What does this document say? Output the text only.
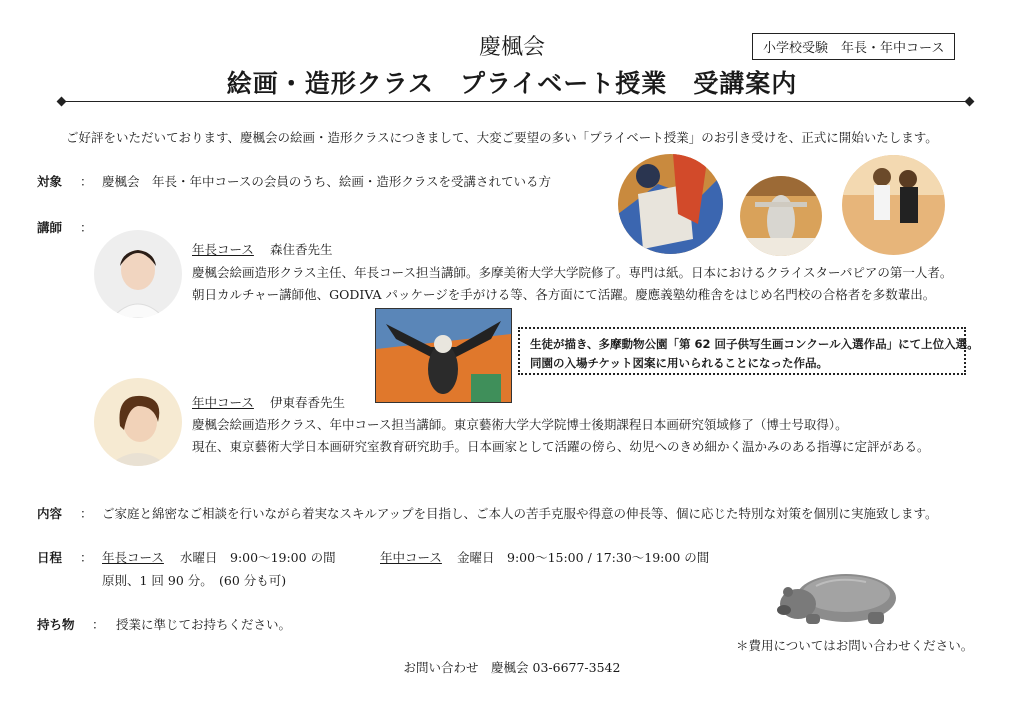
慶楓会
絵画・造形クラス　プライベート授業　受講案内
小学校受験　年長・年中コース
ご好評をいただいております、慶楓会の絵画・造形クラスにつきまして、大変ご要望の多い「プライベート授業」のお引き受けを、正式に開始いたします。
対象 ： 慶楓会　年長・年中コースの会員のうち、絵画・造形クラスを受講されている方
講師 ：
年長コース 森住香先生
慶楓会絵画造形クラス主任、年長コース担当講師。多摩美術大学大学院修了。専門は紙。日本におけるクライスターパピアの第一人者。
朝日カルチャー講師他、GODIVA パッケージを手がける等、各方面にて活躍。慶應義塾幼稚舎をはじめ名門校の合格者を多数輩出。
生徒が描き、多摩動物公園「第 62 回子供写生画コンクール入選作品」にて上位入選。
同園の入場チケット図案に用いられることになった作品。
年中コース 伊東春香先生
慶楓会絵画造形クラス、年中コース担当講師。東京藝術大学大学院博士後期課程日本画研究領域修了（博士号取得）。
現在、東京藝術大学日本画研究室教育研究助手。日本画家として活躍の傍ら、幼児へのきめ細かく温かみのある指導に定評がある。
内容 ： ご家庭と綿密なご相談を行いながら着実なスキルアップを目指し、ご本人の苦手克服や得意の伸長等、個に応じた特別な対策を個別に実施致します。
日程 ： 年長コース 水曜日　9:00〜19:00 の間	年中コース 金曜日　9:00〜15:00 / 17:30〜19:00 の間
原則、1 回 90 分。　(60 分も可)
持ち物 ： 授業に準じてお持ちください。
＊費用についてはお問い合わせください。
お問い合わせ　慶楓会 03-6677-3542
